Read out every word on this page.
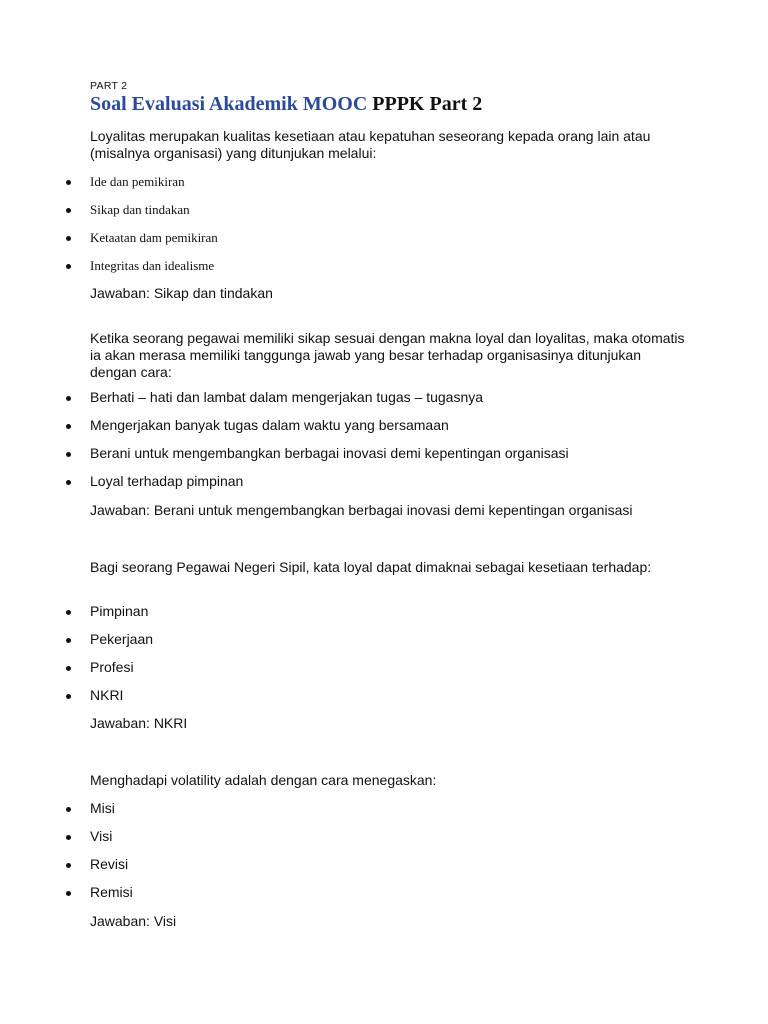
PART 2
Soal Evaluasi Akademik MOOC PPPK Part 2
Loyalitas merupakan kualitas kesetiaan atau kepatuhan seseorang kepada orang lain atau (misalnya organisasi) yang ditunjukan melalui:
Ide dan pemikiran
Sikap dan tindakan
Ketaatan dam pemikiran
Integritas dan idealisme
Jawaban: Sikap dan tindakan
Ketika seorang pegawai memiliki sikap sesuai dengan makna loyal dan loyalitas, maka otomatis ia akan merasa memiliki tanggunga jawab yang besar terhadap organisasinya ditunjukan dengan cara:
Berhati – hati dan lambat dalam mengerjakan tugas – tugasnya
Mengerjakan banyak tugas dalam waktu yang bersamaan
Berani untuk mengembangkan berbagai inovasi demi kepentingan organisasi
Loyal terhadap pimpinan
Jawaban: Berani untuk mengembangkan berbagai inovasi demi kepentingan organisasi
Bagi seorang Pegawai Negeri Sipil, kata loyal dapat dimaknai sebagai kesetiaan terhadap:
Pimpinan
Pekerjaan
Profesi
NKRI
Jawaban: NKRI
Menghadapi volatility adalah dengan cara menegaskan:
Misi
Visi
Revisi
Remisi
Jawaban: Visi
